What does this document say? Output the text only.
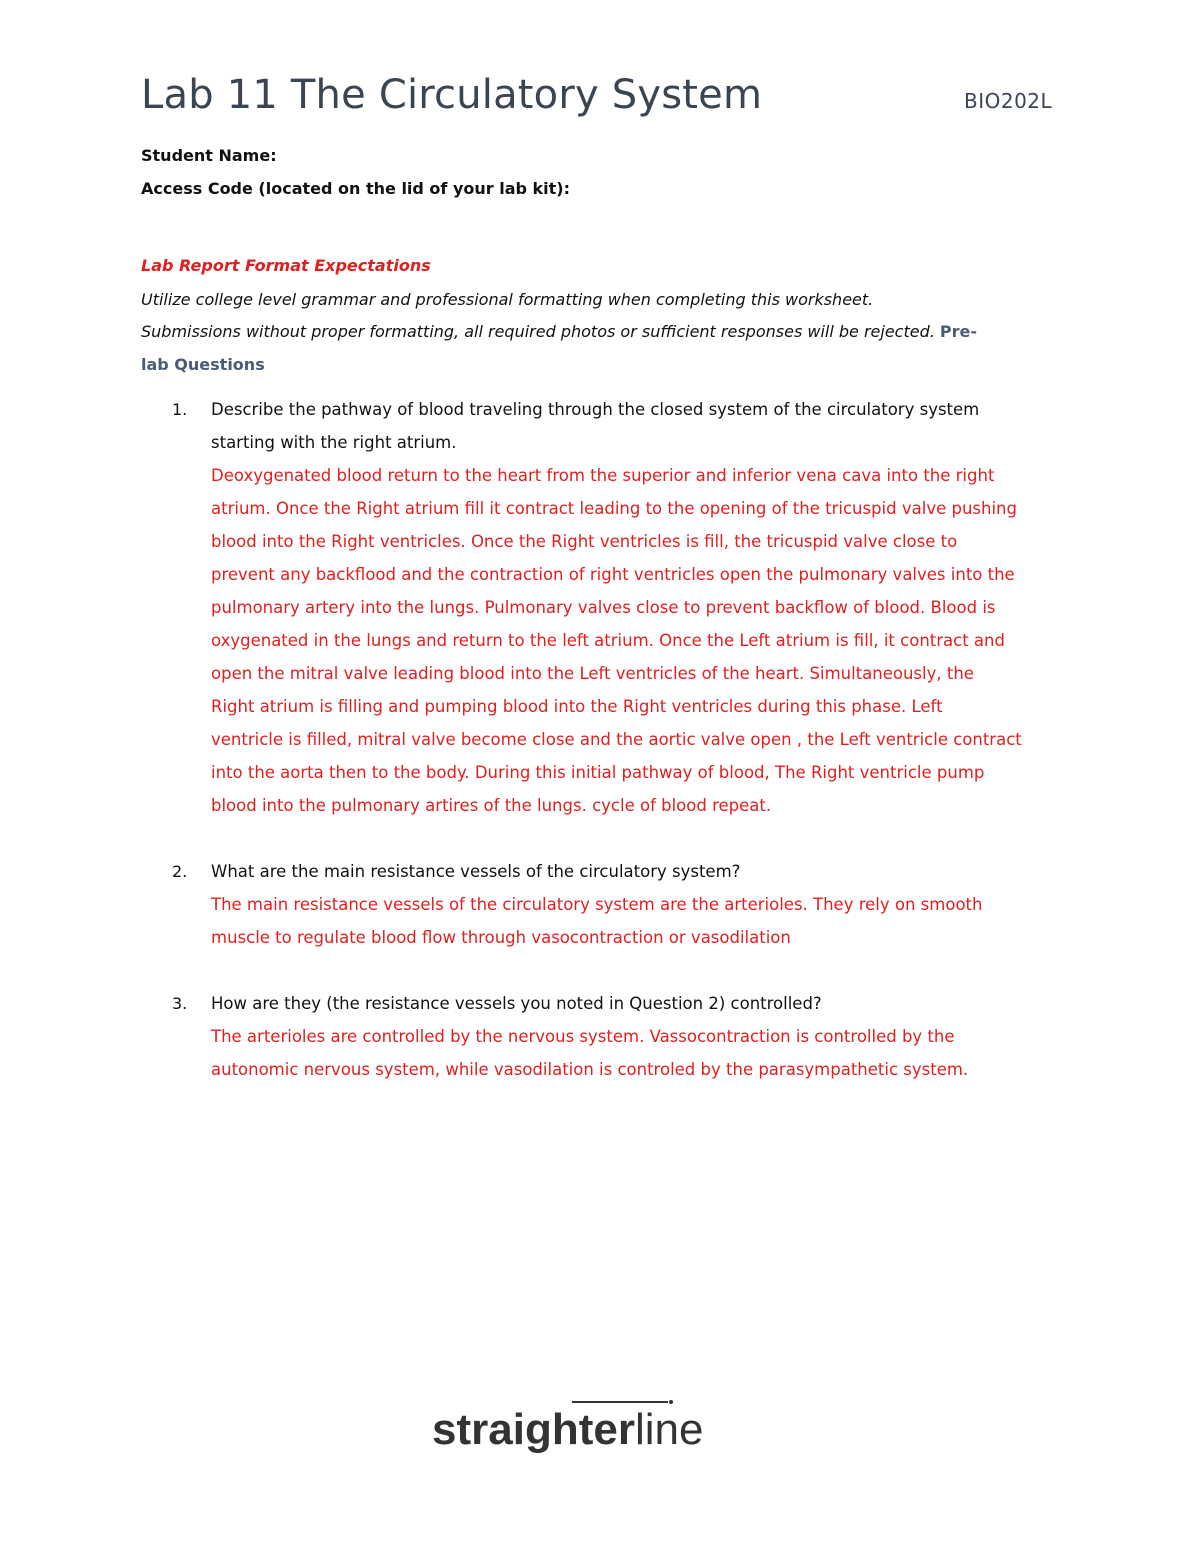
Lab 11 The Circulatory System	BIO202L
Student Name:
Access Code (located on the lid of your lab kit):
Lab Report Format Expectations
Utilize college level grammar and professional formatting when completing this worksheet.
Submissions without proper formatting, all required photos or sufficient responses will be rejected. Pre-
lab Questions
1. Describe the pathway of blood traveling through the closed system of the circulatory system
starting with the right atrium.
Deoxygenated blood return to the heart from the superior and inferior vena cava into the right
atrium. Once the Right atrium fill it contract leading to the opening of the tricuspid valve pushing
blood into the Right ventricles. Once the Right ventricles is fill, the tricuspid valve close to
prevent any backflood and the contraction of right ventricles open the pulmonary valves into the
pulmonary artery into the lungs. Pulmonary valves close to prevent backflow of blood. Blood is
oxygenated in the lungs and return to the left atrium. Once the Left atrium is fill, it contract and
open the mitral valve leading blood into the Left ventricles of the heart. Simultaneously, the
Right atrium is filling and pumping blood into the Right ventricles during this phase. Left
ventricle is filled, mitral valve become close and the aortic valve open , the Left ventricle contract
into the aorta then to the body. During this initial pathway of blood, The Right ventricle pump
blood into the pulmonary artires of the lungs. cycle of blood repeat.
2. What are the main resistance vessels of the circulatory system?
The main resistance vessels of the circulatory system are the arterioles. They rely on smooth
muscle to regulate blood flow through vasocontraction or vasodilation
3. How are they (the resistance vessels you noted in Question 2) controlled?
The arterioles are controlled by the nervous system. Vassocontraction is controlled by the
autonomic nervous system, while vasodilation is controled by the parasympathetic system.
straighterline
